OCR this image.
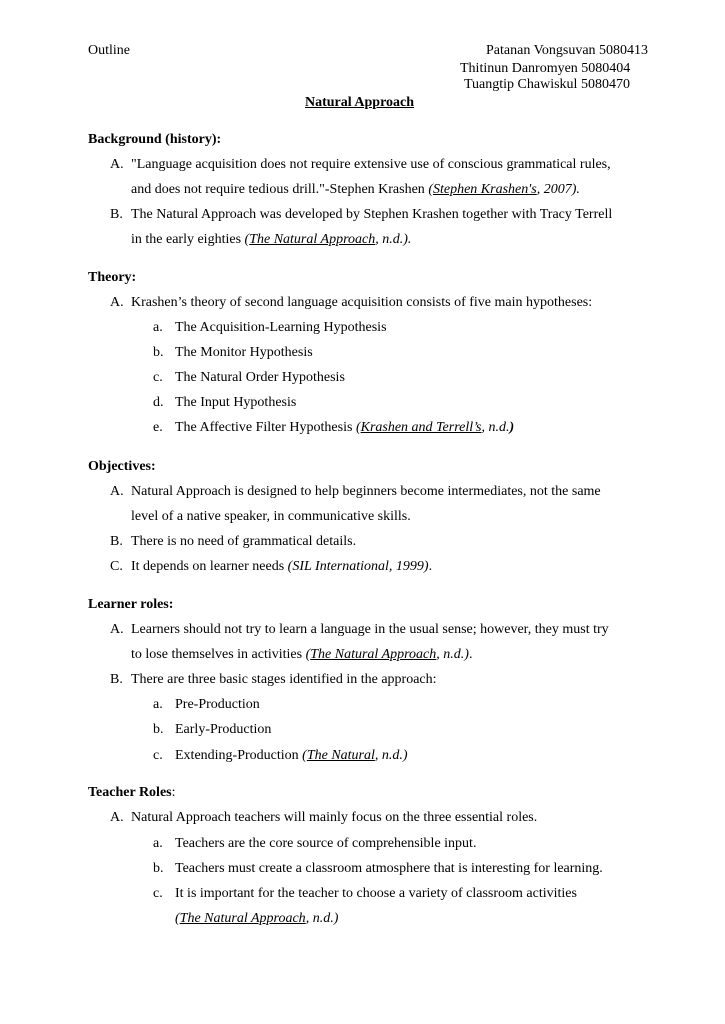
Outline	Patanan Vongsuvan 5080413
Thitinun Danromyen 5080404
Tuangtip Chawiskul 5080470
Natural Approach
Background (history):
A. "Language acquisition does not require extensive use of conscious grammatical rules,
and does not require tedious drill."-Stephen Krashen (Stephen Krashen's, 2007).
B. The Natural Approach was developed by Stephen Krashen together with Tracy Terrell
in the early eighties (The Natural Approach, n.d.).
Theory:
A. Krashen’s theory of second language acquisition consists of five main hypotheses:
a. The Acquisition-Learning Hypothesis
b. The Monitor Hypothesis
c. The Natural Order Hypothesis
d. The Input Hypothesis
e. The Affective Filter Hypothesis (Krashen and Terrell’s, n.d.)
Objectives:
A. Natural Approach is designed to help beginners become intermediates, not the same
level of a native speaker, in communicative skills.
B. There is no need of grammatical details.
C. It depends on learner needs (SIL International, 1999).
Learner roles:
A. Learners should not try to learn a language in the usual sense; however, they must try
to lose themselves in activities (The Natural Approach, n.d.).
B. There are three basic stages identified in the approach:
a. Pre-Production
b. Early-Production
c. Extending-Production (The Natural, n.d.)
Teacher Roles:
A. Natural Approach teachers will mainly focus on the three essential roles.
a. Teachers are the core source of comprehensible input.
b. Teachers must create a classroom atmosphere that is interesting for learning.
c. It is important for the teacher to choose a variety of classroom activities
(The Natural Approach, n.d.)
